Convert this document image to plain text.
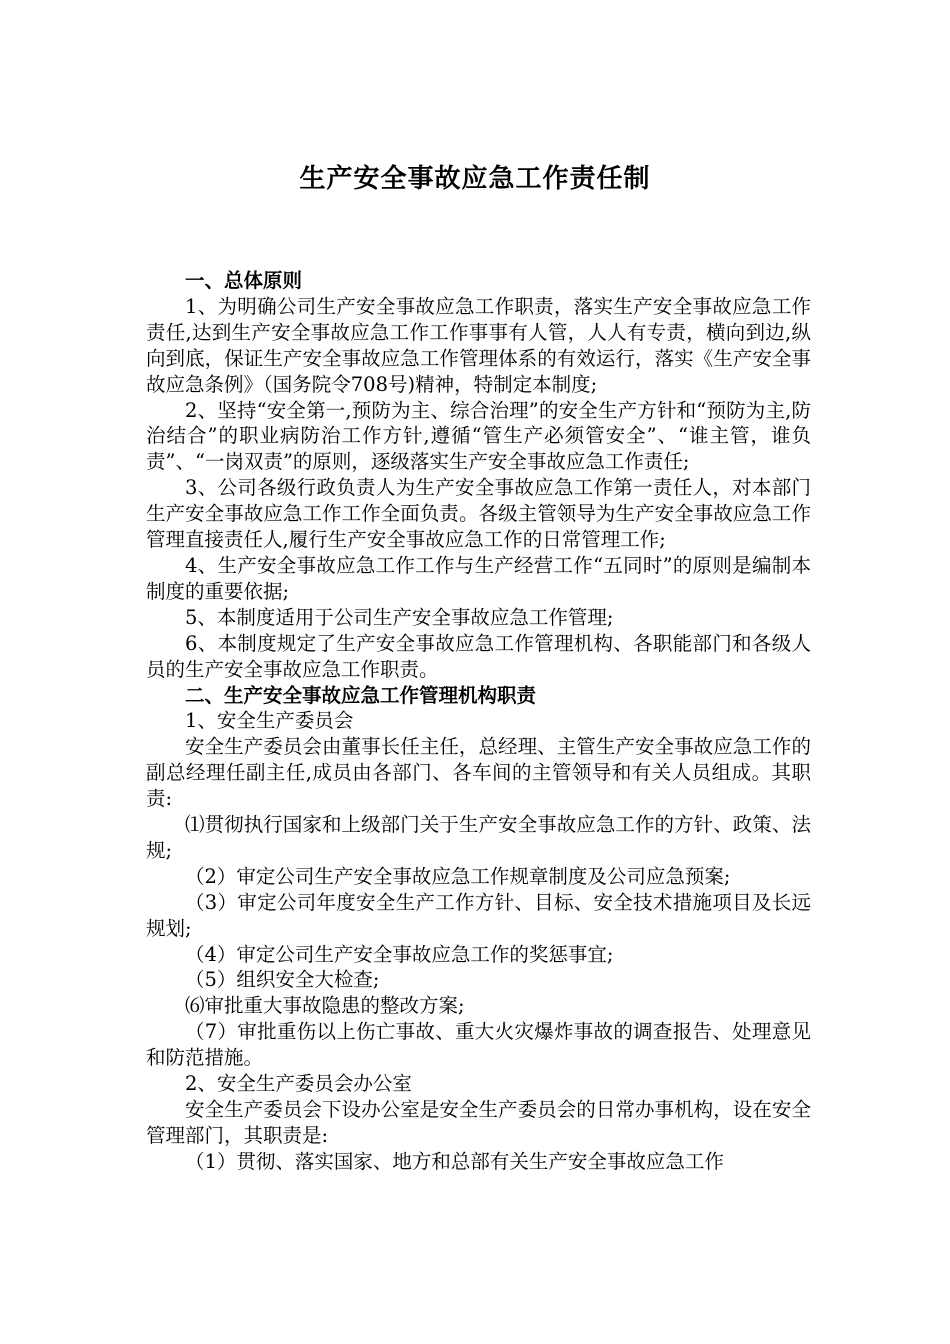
生产安全事故应急工作责任制

一、总体原则

1、为明确公司生产安全事故应急工作职责，落实生产安全事故应急工作责任,达到生产安全事故应急工作工作事事有人管，人人有专责，横向到边,纵向到底，保证生产安全事故应急工作管理体系的有效运行，落实《生产安全事故应急条例》（国务院令708号)精神，特制定本制度;

2、坚持“安全第一,预防为主、综合治理”的安全生产方针和“预防为主,防治结合”的职业病防治工作方针,遵循“管生产必须管安全”、“谁主管，谁负责”、“一岗双责”的原则，逐级落实生产安全事故应急工作责任;

3、公司各级行政负责人为生产安全事故应急工作第一责任人，对本部门生产安全事故应急工作工作全面负责。各级主管领导为生产安全事故应急工作管理直接责任人,履行生产安全事故应急工作的日常管理工作;

4、生产安全事故应急工作工作与生产经营工作“五同时”的原则是编制本制度的重要依据;

5、本制度适用于公司生产安全事故应急工作管理;

6、本制度规定了生产安全事故应急工作管理机构、各职能部门和各级人员的生产安全事故应急工作职责。

二、生产安全事故应急工作管理机构职责

1、安全生产委员会

安全生产委员会由董事长任主任，总经理、主管生产安全事故应急工作的副总经理任副主任,成员由各部门、各车间的主管领导和有关人员组成。其职责:

⑴贯彻执行国家和上级部门关于生产安全事故应急工作的方针、政策、法规;

（2）审定公司生产安全事故应急工作规章制度及公司应急预案;

（3）审定公司年度安全生产工作方针、目标、安全技术措施项目及长远规划;

（4）审定公司生产安全事故应急工作的奖惩事宜;

（5）组织安全大检查;

⑹审批重大事故隐患的整改方案;

（7）审批重伤以上伤亡事故、重大火灾爆炸事故的调查报告、处理意见和防范措施。

2、安全生产委员会办公室

安全生产委员会下设办公室是安全生产委员会的日常办事机构，设在安全管理部门，其职责是:

（1）贯彻、落实国家、地方和总部有关生产安全事故应急工作
